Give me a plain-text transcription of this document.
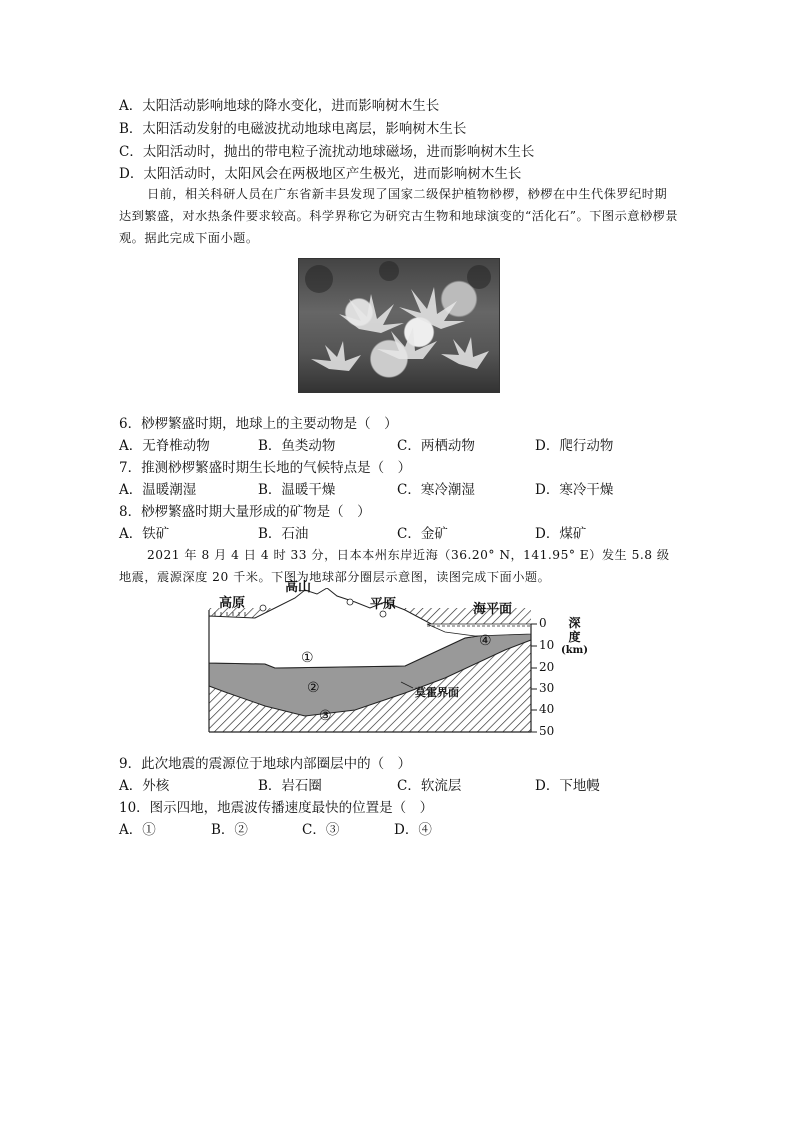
A．太阳活动影响地球的降水变化，进而影响树木生长
B．太阳活动发射的电磁波扰动地球电离层，影响树木生长
C．太阳活动时，抛出的带电粒子流扰动地球磁场，进而影响树木生长
D．太阳活动时，太阳风会在两极地区产生极光，进而影响树木生长
日前，相关科研人员在广东省新丰县发现了国家二级保护植物桫椤，桫椤在中生代侏罗纪时期达到繁盛，对水热条件要求较高。科学界称它为研究古生物和地球演变的“活化石”。下图示意桫椤景观。据此完成下面小题。
6．桫椤繁盛时期，地球上的主要动物是（　）
A．无脊椎动物	B．鱼类动物	C．两栖动物	D．爬行动物
7．推测桫椤繁盛时期生长地的气候特点是（　）
A．温暖潮湿	B．温暖干燥	C．寒冷潮湿	D．寒冷干燥
8．桫椤繁盛时期大量形成的矿物是（　）
A．铁矿	B．石油	C．金矿	D．煤矿
2021 年 8 月 4 日 4 时 33 分，日本本州东岸近海（36.20° N，141.95° E）发生 5.8 级地震，震源深度 20 千米。下图为地球部分圈层示意图，读图完成下面小题。
高原
高山
平原	海平面
莫霍界面
①
②
③
④
0
10
20
30
40
50
深
度
(km)
9．此次地震的震源位于地球内部圈层中的（　）
A．外核	B．岩石圈	C．软流层	D．下地幔
10．图示四地，地震波传播速度最快的位置是（　）
A．①	B．②	C．③	D．④
